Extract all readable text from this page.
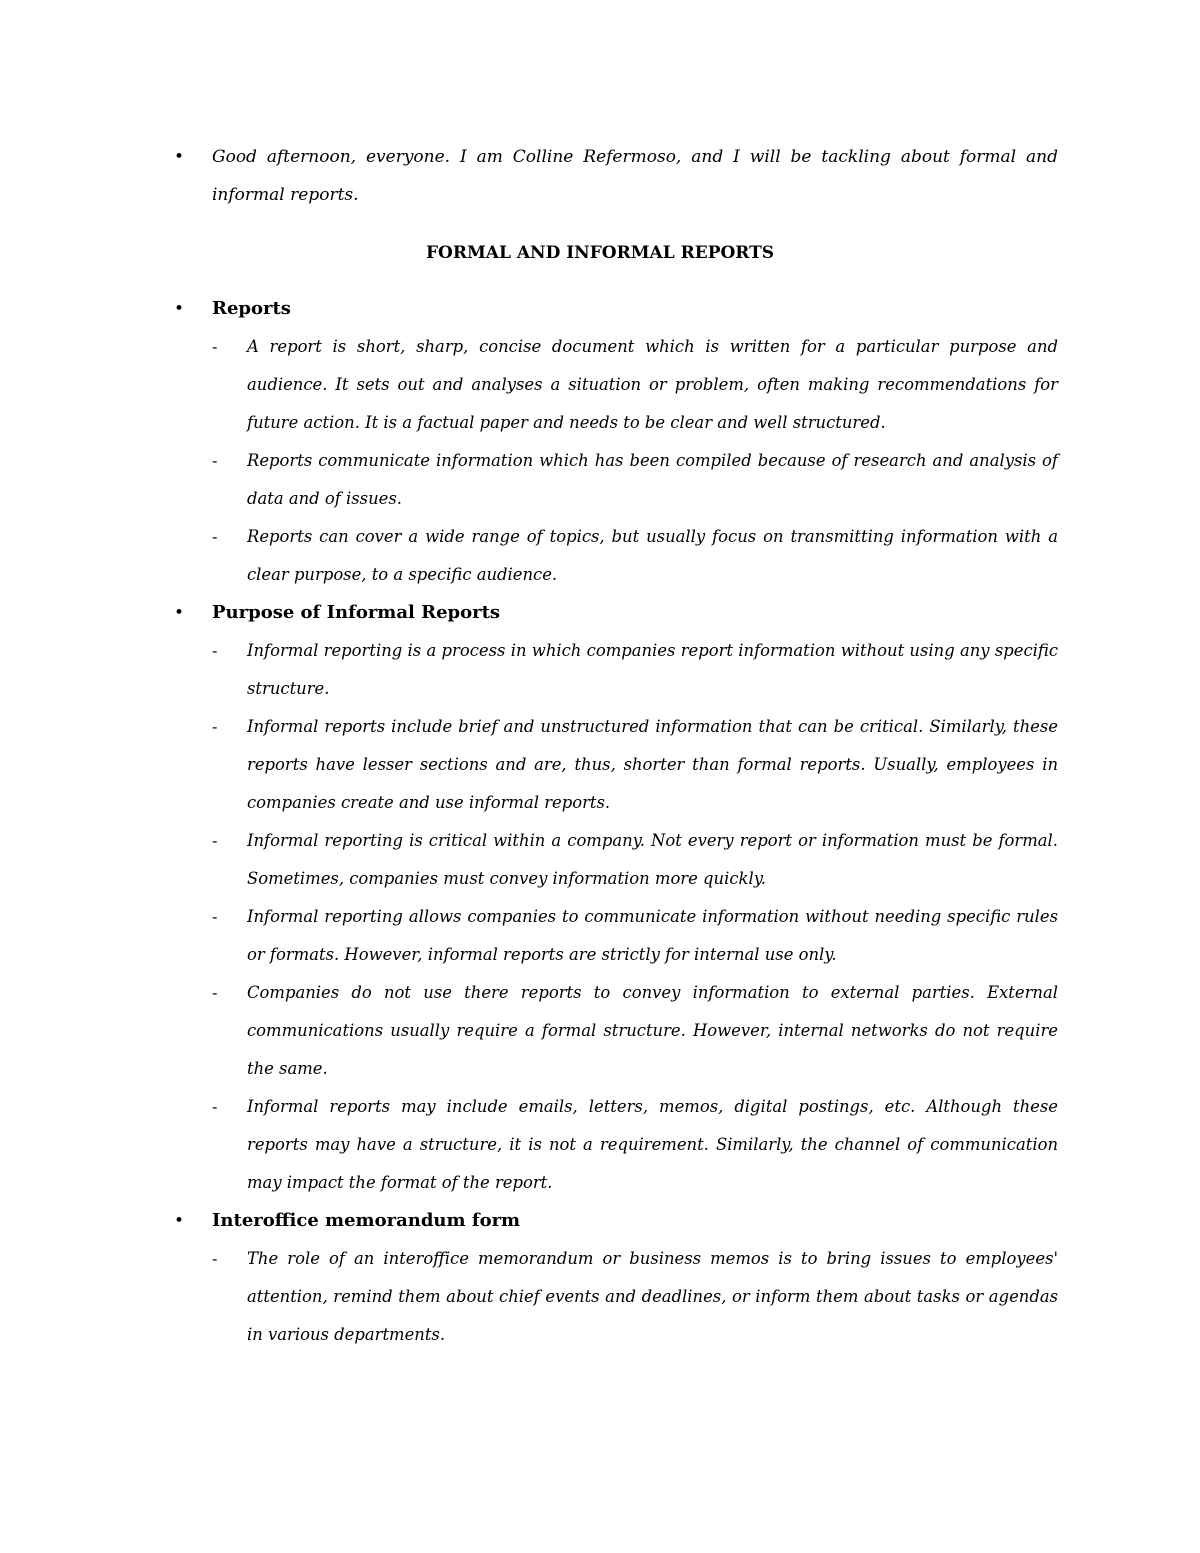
• Good afternoon, everyone. I am Colline Refermoso, and I will be tackling about formal and informal reports.
FORMAL AND INFORMAL REPORTS
• Reports
- A report is short, sharp, concise document which is written for a particular purpose and audience. It sets out and analyses a situation or problem, often making recommendations for future action. It is a factual paper and needs to be clear and well structured.
- Reports communicate information which has been compiled because of research and analysis of data and of issues.
- Reports can cover a wide range of topics, but usually focus on transmitting information with a clear purpose, to a specific audience.
• Purpose of Informal Reports
- Informal reporting is a process in which companies report information without using any specific structure.
- Informal reports include brief and unstructured information that can be critical. Similarly, these reports have lesser sections and are, thus, shorter than formal reports. Usually, employees in companies create and use informal reports.
- Informal reporting is critical within a company. Not every report or information must be formal. Sometimes, companies must convey information more quickly.
- Informal reporting allows companies to communicate information without needing specific rules or formats. However, informal reports are strictly for internal use only.
- Companies do not use there reports to convey information to external parties. External communications usually require a formal structure. However, internal networks do not require the same.
- Informal reports may include emails, letters, memos, digital postings, etc. Although these reports may have a structure, it is not a requirement. Similarly, the channel of communication may impact the format of the report.
• Interoffice memorandum form
- The role of an interoffice memorandum or business memos is to bring issues to employees' attention, remind them about chief events and deadlines, or inform them about tasks or agendas in various departments.
